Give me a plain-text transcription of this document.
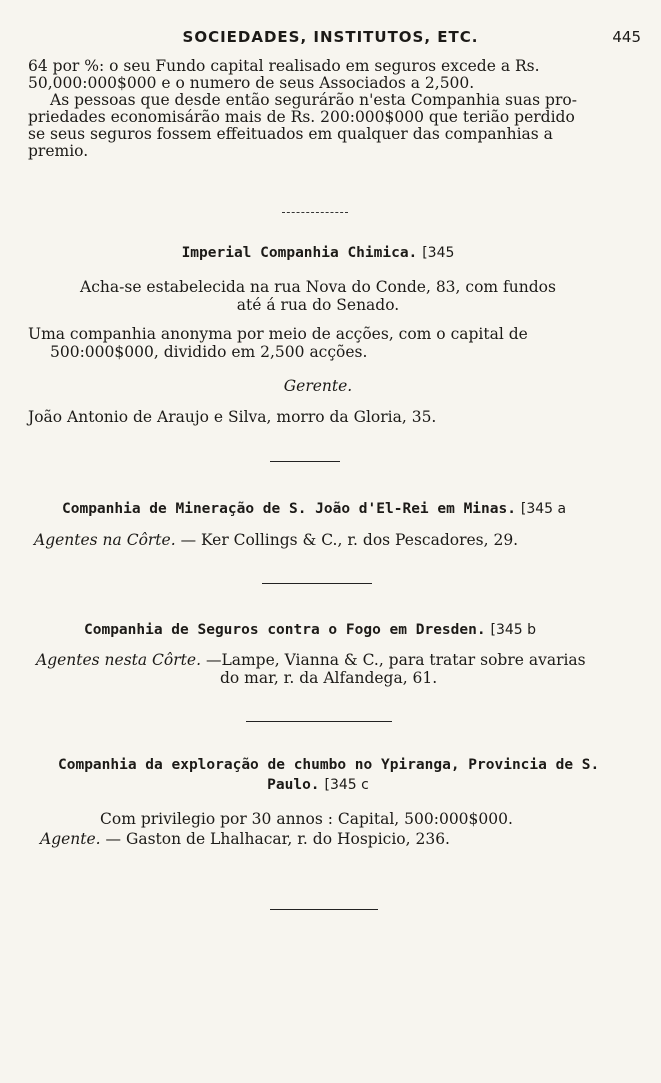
SOCIEDADES, INSTITUTOS, ETC.	445
64 por %: o seu Fundo capital realisado em seguros excede a Rs.
50,000:000$000 e o numero de seus Associados a 2,500.
As pessoas que desde então segurárão n'esta Companhia suas pro-
priedades economisárão mais de Rs. 200:000$000 que terião perdido
se seus seguros fossem effeituados em qualquer das companhias a
premio.
Imperial Companhia Chimica. [345
Acha-se estabelecida na rua Nova do Conde, 83, com fundos
até á rua do Senado.
Uma companhia anonyma por meio de acções, com o capital de
500:000$000, dividido em 2,500 acções.
Gerente.
João Antonio de Araujo e Silva, morro da Gloria, 35.
Companhia de Mineração de S. João d'El-Rei em Minas. [345 a
Agentes na Côrte. — Ker Collings & C., r. dos Pescadores, 29.
Companhia de Seguros contra o Fogo em Dresden. [345 b
Agentes nesta Côrte. —Lampe, Vianna & C., para tratar sobre avarias
do mar, r. da Alfandega, 61.
Companhia da exploração de chumbo no Ypiranga, Provincia de S.
Paulo. [345 c
Com privilegio por 30 annos : Capital, 500:000$000.
Agente. — Gaston de Lhalhacar, r. do Hospicio, 236.
